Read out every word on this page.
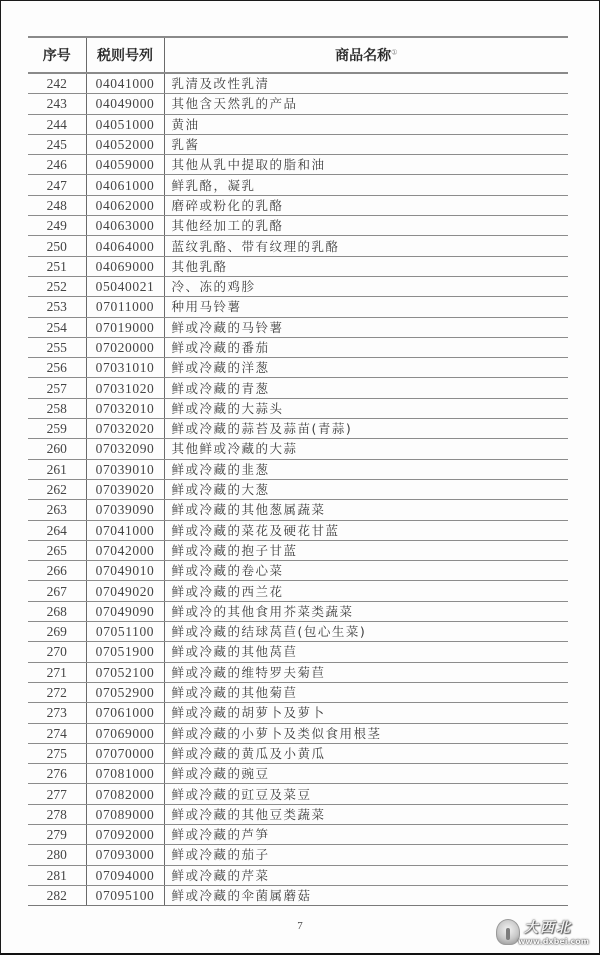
序号	税则号列	商品名称①
242	04041000	乳清及改性乳清
243	04049000	其他含天然乳的产品
244	04051000	黄油
245	04052000	乳酱
246	04059000	其他从乳中提取的脂和油
247	04061000	鲜乳酪，凝乳
248	04062000	磨碎或粉化的乳酪
249	04063000	其他经加工的乳酪
250	04064000	蓝纹乳酪、带有纹理的乳酪
251	04069000	其他乳酪
252	05040021	冷、冻的鸡胗
253	07011000	种用马铃薯
254	07019000	鲜或冷藏的马铃薯
255	07020000	鲜或冷藏的番茄
256	07031010	鲜或冷藏的洋葱
257	07031020	鲜或冷藏的青葱
258	07032010	鲜或冷藏的大蒜头
259	07032020	鲜或冷藏的蒜苔及蒜苗(青蒜)
260	07032090	其他鲜或冷藏的大蒜
261	07039010	鲜或冷藏的韭葱
262	07039020	鲜或冷藏的大葱
263	07039090	鲜或冷藏的其他葱属蔬菜
264	07041000	鲜或冷藏的菜花及硬花甘蓝
265	07042000	鲜或冷藏的抱子甘蓝
266	07049010	鲜或冷藏的卷心菜
267	07049020	鲜或冷藏的西兰花
268	07049090	鲜或冷的其他食用芥菜类蔬菜
269	07051100	鲜或冷藏的结球莴苣(包心生菜)
270	07051900	鲜或冷藏的其他莴苣
271	07052100	鲜或冷藏的维特罗夫菊苣
272	07052900	鲜或冷藏的其他菊苣
273	07061000	鲜或冷藏的胡萝卜及萝卜
274	07069000	鲜或冷藏的小萝卜及类似食用根茎
275	07070000	鲜或冷藏的黄瓜及小黄瓜
276	07081000	鲜或冷藏的豌豆
277	07082000	鲜或冷藏的豇豆及菜豆
278	07089000	鲜或冷藏的其他豆类蔬菜
279	07092000	鲜或冷藏的芦笋
280	07093000	鲜或冷藏的茄子
281	07094000	鲜或冷藏的芹菜
282	07095100	鲜或冷藏的伞菌属蘑菇
7	大西北
www.dxbei.com
